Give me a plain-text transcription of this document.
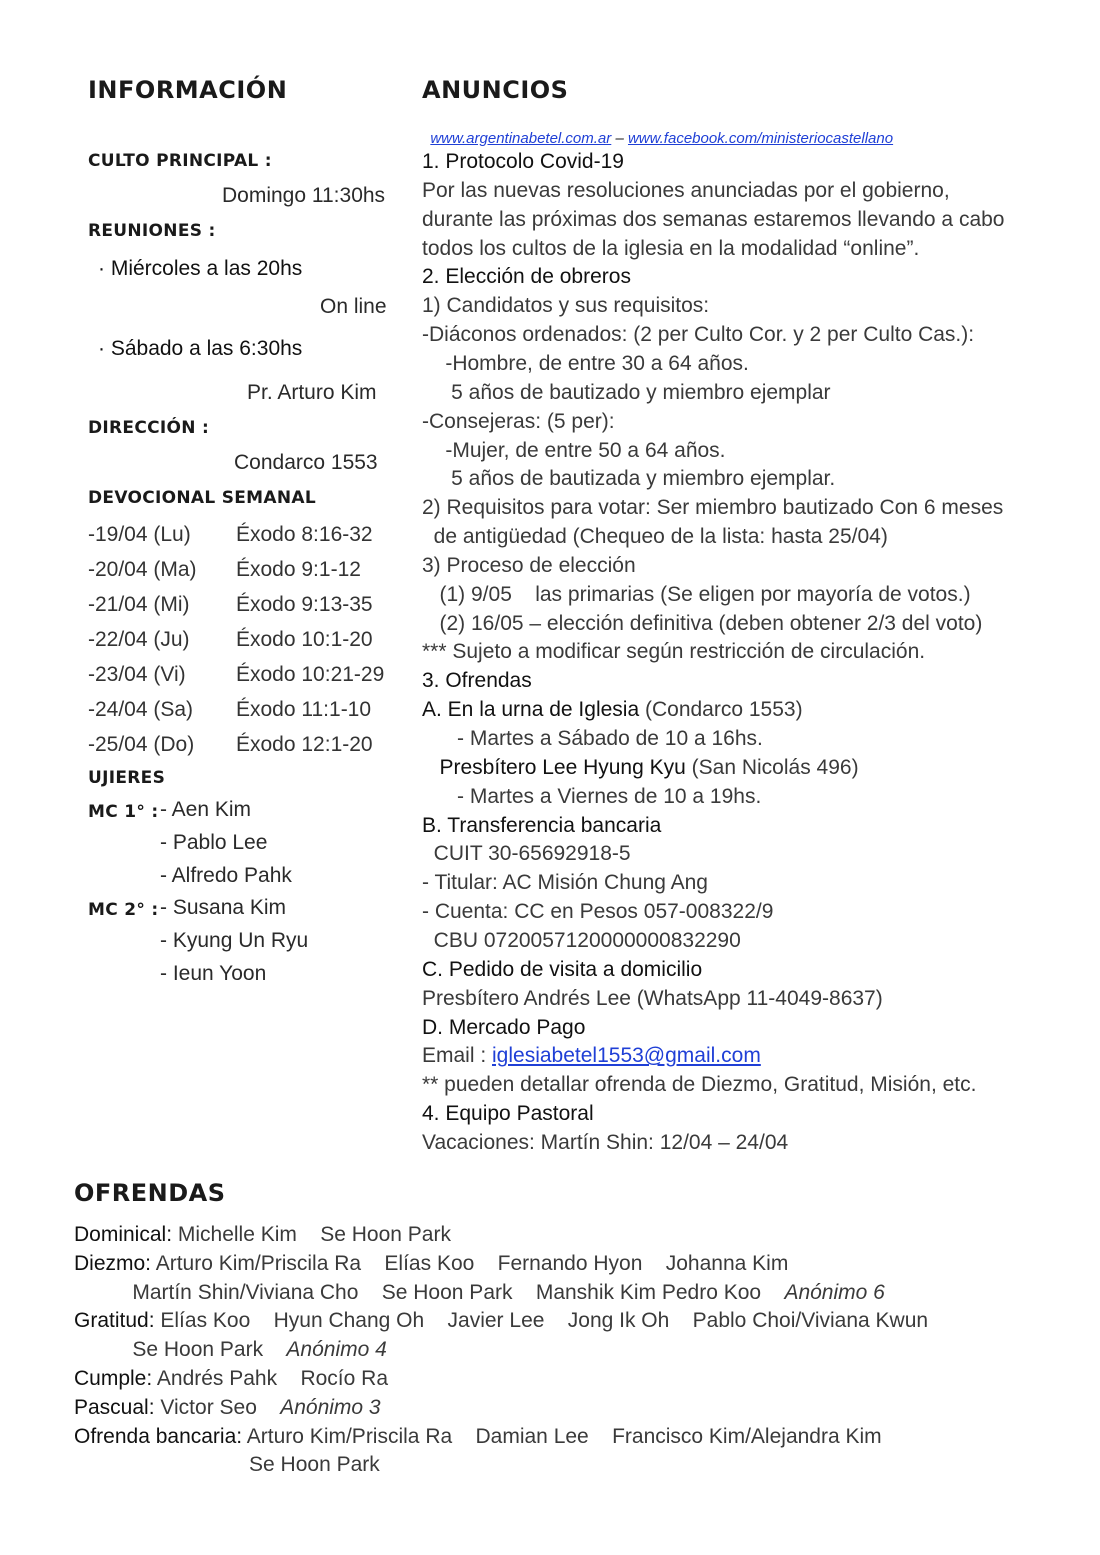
INFORMACIÓN
CULTO PRINCIPAL :
Domingo 11:30hs
REUNIONES :
· Miércoles a las 20hs
On line
· Sábado a las 6:30hs
Pr. Arturo Kim
DIRECCIÓN :
Condarco 1553
DEVOCIONAL SEMANAL
-19/04 (Lu) Éxodo 8:16-32
-20/04 (Ma) Éxodo 9:1-12
-21/04 (Mi) Éxodo 9:13-35
-22/04 (Ju) Éxodo 10:1-20
-23/04 (Vi) Éxodo 10:21-29
-24/04 (Sa) Éxodo 11:1-10
-25/04 (Do) Éxodo 12:1-20
UJIERES
MC 1° : - Aen Kim
- Pablo Lee
- Alfredo Pahk
MC 2° : - Susana Kim
- Kyung Un Ryu
- Ieun Yoon
ANUNCIOS

www.argentinabetel.com.ar – www.facebook.com/ministeriocastellano

1. Protocolo Covid-19
Por las nuevas resoluciones anunciadas por el gobierno,
durante las próximas dos semanas estaremos llevando a cabo
todos los cultos de la iglesia en la modalidad “online”.
2. Elección de obreros
1) Candidatos y sus requisitos:
-Diáconos ordenados: (2 per Culto Cor. y 2 per Culto Cas.):
-Hombre, de entre 30 a 64 años.
5 años de bautizado y miembro ejemplar
-Consejeras: (5 per):
-Mujer, de entre 50 a 64 años.
5 años de bautizada y miembro ejemplar.
2) Requisitos para votar: Ser miembro bautizado Con 6 meses
de antigüedad (Chequeo de la lista: hasta 25/04)
3) Proceso de elección
(1) 9/05    las primarias (Se eligen por mayoría de votos.)
(2) 16/05 – elección definitiva (deben obtener 2/3 del voto)
*** Sujeto a modificar según restricción de circulación.
3. Ofrendas
A. En la urna de Iglesia (Condarco 1553)
- Martes a Sábado de 10 a 16hs.
Presbítero Lee Hyung Kyu (San Nicolás 496)
- Martes a Viernes de 10 a 19hs.
B. Transferencia bancaria
CUIT 30-65692918-5
- Titular: AC Misión Chung Ang
- Cuenta: CC en Pesos 057-008322/9
CBU 0720057120000000832290
C. Pedido de visita a domicilio
Presbítero Andrés Lee (WhatsApp 11-4049-8637)
D. Mercado Pago
Email : iglesiabetel1553@gmail.com
** pueden detallar ofrenda de Diezmo, Gratitud, Misión, etc.
4. Equipo Pastoral
Vacaciones: Martín Shin: 12/04 – 24/04
OFRENDAS
Dominical: Michelle Kim    Se Hoon Park
Diezmo: Arturo Kim/Priscila Ra    Elías Koo    Fernando Hyon    Johanna Kim
Martín Shin/Viviana Cho    Se Hoon Park    Manshik Kim Pedro Koo    Anónimo 6
Gratitud: Elías Koo    Hyun Chang Oh    Javier Lee    Jong Ik Oh    Pablo Choi/Viviana Kwun
Se Hoon Park    Anónimo 4
Cumple: Andrés Pahk    Rocío Ra
Pascual: Victor Seo    Anónimo 3
Ofrenda bancaria: Arturo Kim/Priscila Ra    Damian Lee    Francisco Kim/Alejandra Kim
Se Hoon Park
